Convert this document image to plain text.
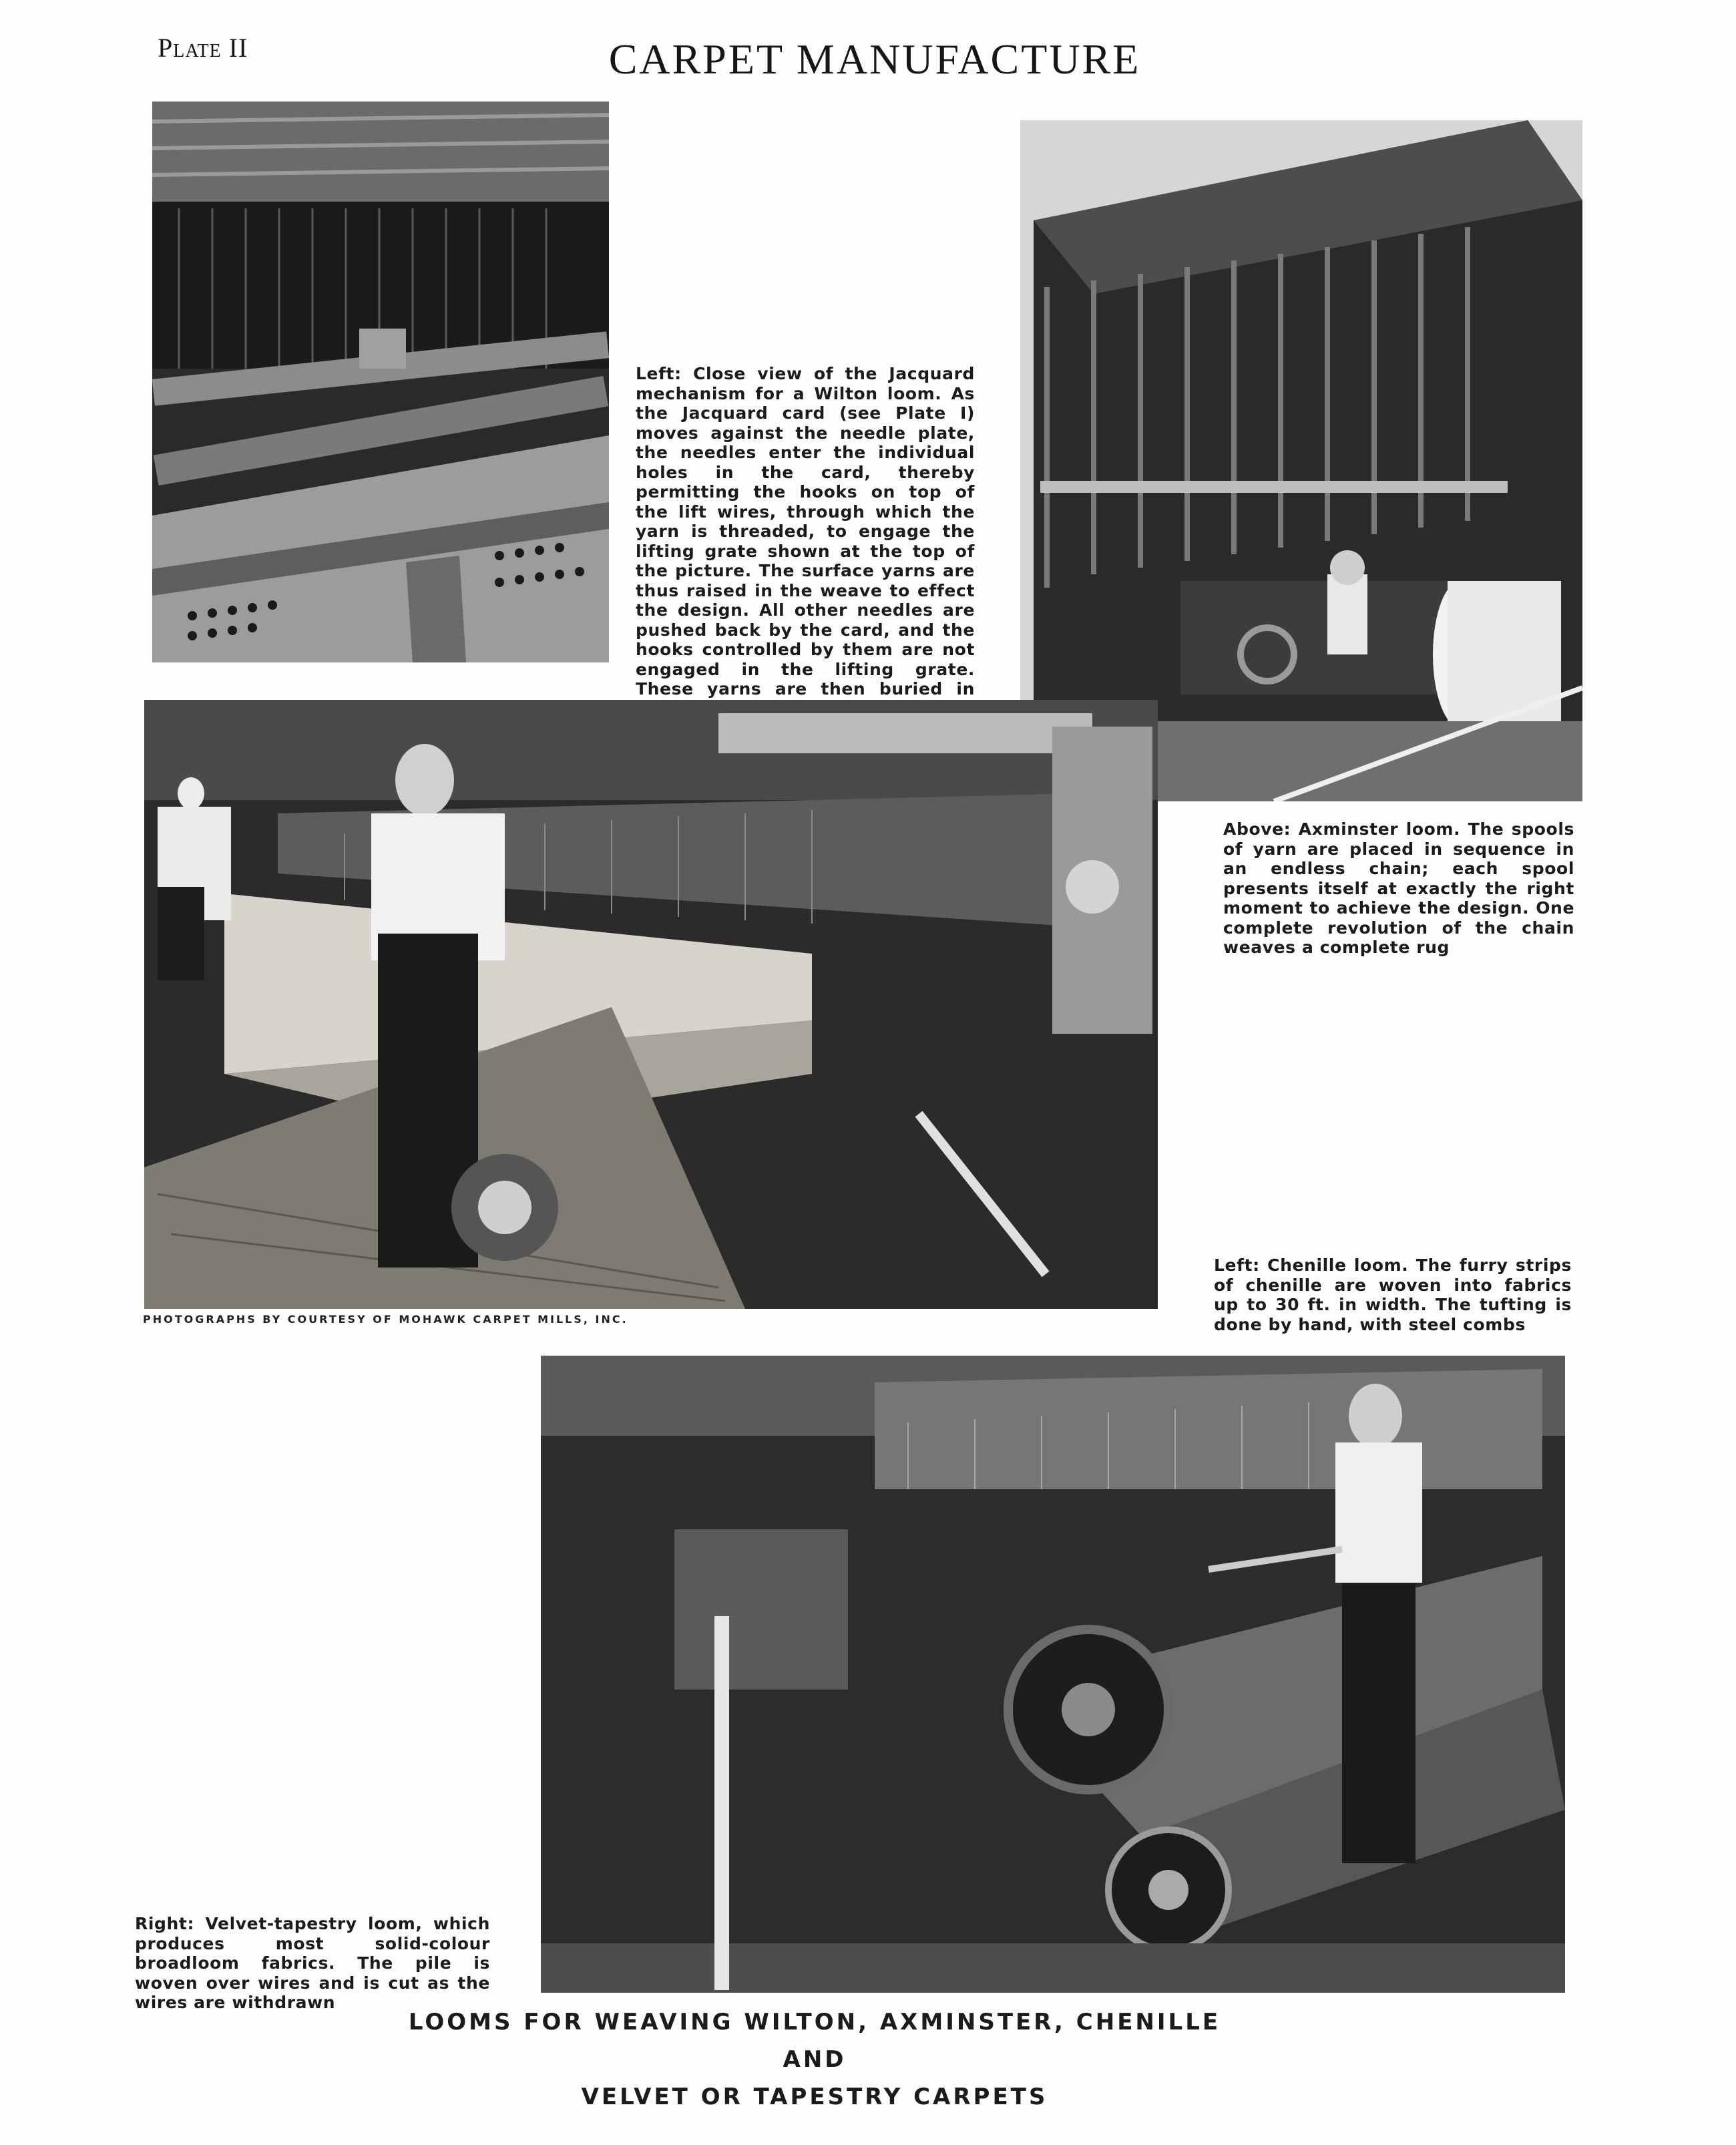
Plate II	CARPET MANUFACTURE
Left: Close view of the Jacquard mechanism for a Wilton loom. As the Jacquard card (see Plate I) moves against the needle plate, the needles enter the individual holes in the card, thereby permitting the hooks on top of the lift wires, through which the yarn is threaded, to engage the lifting grate shown at the top of the picture. The surface yarns are thus raised in the weave to effect the design. All other needles are pushed back by the card, and the hooks controlled by them are not engaged in the lifting grate. These yarns are then buried in
Above: Axminster loom. The spools of yarn are placed in sequence in an endless chain; each spool presents itself at exactly the right moment to achieve the design. One complete revolution of the chain weaves a complete rug
PHOTOGRAPHS BY COURTESY OF MOHAWK CARPET MILLS, INC.
Left: Chenille loom. The furry strips of chenille are woven into fabrics up to 30 ft. in width. The tufting is done by hand, with steel combs
Right: Velvet-tapestry loom, which produces most solid-colour broadloom fabrics. The pile is woven over wires and is cut as the wires are withdrawn
LOOMS FOR WEAVING WILTON, AXMINSTER, CHENILLE AND
VELVET OR TAPESTRY CARPETS
